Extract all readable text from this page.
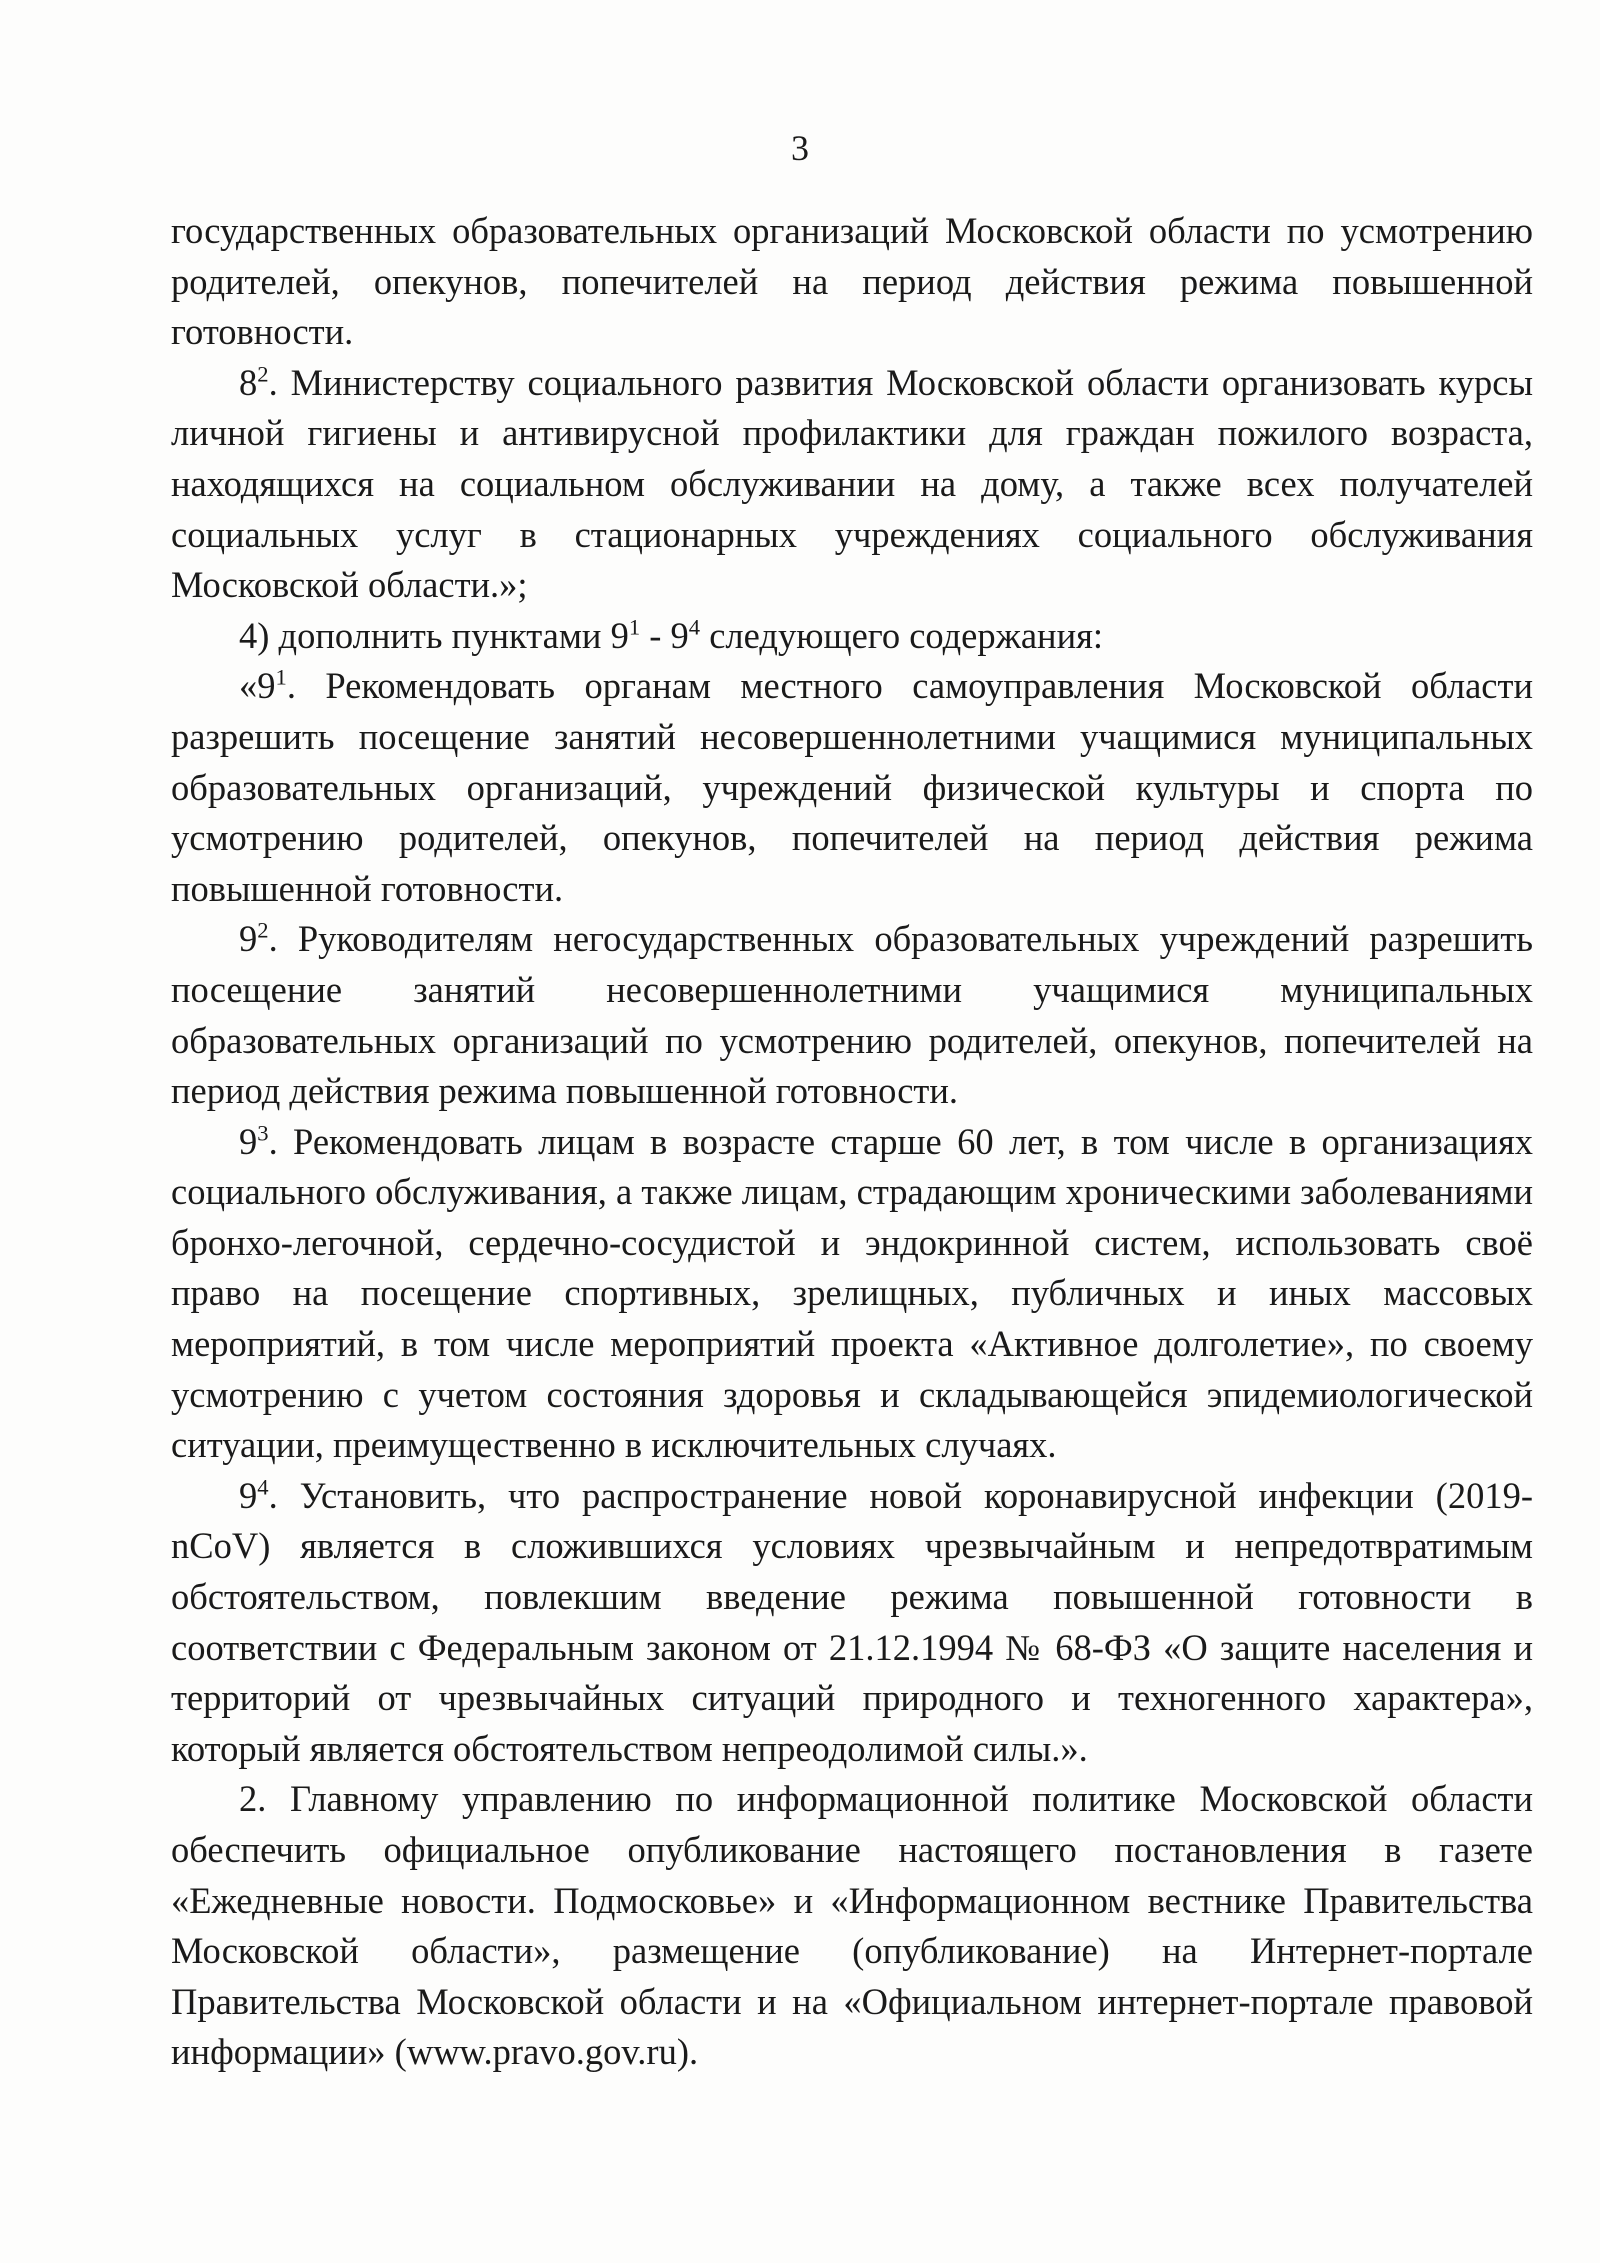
3

государственных образовательных организаций Московской области по усмотрению родителей, опекунов, попечителей на период действия режима повышенной готовности.

$8^2$. Министерству социального развития Московской области организовать курсы личной гигиены и антивирусной профилактики для граждан пожилого возраста, находящихся на социальном обслуживании на дому, а также всех получателей социальных услуг в стационарных учреждениях социального обслуживания Московской области.»;

4) дополнить пунктами $9^1 - 9^4$ следующего содержания:

«$9^1$. Рекомендовать органам местного самоуправления Московской области разрешить посещение занятий несовершеннолетними учащимися муниципальных образовательных организаций, учреждений физической культуры и спорта по усмотрению родителей, опекунов, попечителей на период действия режима повышенной готовности.

$9^2$. Руководителям негосударственных образовательных учреждений разрешить посещение занятий несовершеннолетними учащимися муниципальных образовательных организаций по усмотрению родителей, опекунов, попечителей на период действия режима повышенной готовности.

$9^3$. Рекомендовать лицам в возрасте старше 60 лет, в том числе в организациях социального обслуживания, а также лицам, страдающим хроническими заболеваниями бронхо-легочной, сердечно-сосудистой и эндокринной систем, использовать своё право на посещение спортивных, зрелищных, публичных и иных массовых мероприятий, в том числе мероприятий проекта «Активное долголетие», по своему усмотрению с учетом состояния здоровья и складывающейся эпидемиологической ситуации, преимущественно в исключительных случаях.

$9^4$. Установить, что распространение новой коронавирусной инфекции (2019-nCoV) является в сложившихся условиях чрезвычайным и непредотвратимым обстоятельством, повлекшим введение режима повышенной готовности в соответствии с Федеральным законом от 21.12.1994 № 68-ФЗ «О защите населения и территорий от чрезвычайных ситуаций природного и техногенного характера», который является обстоятельством непреодолимой силы.».

2. Главному управлению по информационной политике Московской области обеспечить официальное опубликование настоящего постановления в газете «Ежедневные новости. Подмосковье» и «Информационном вестнике Правительства Московской области», размещение (опубликование) на Интернет-портале Правительства Московской области и на «Официальном интернет-портале правовой информации» (www.pravo.gov.ru).
